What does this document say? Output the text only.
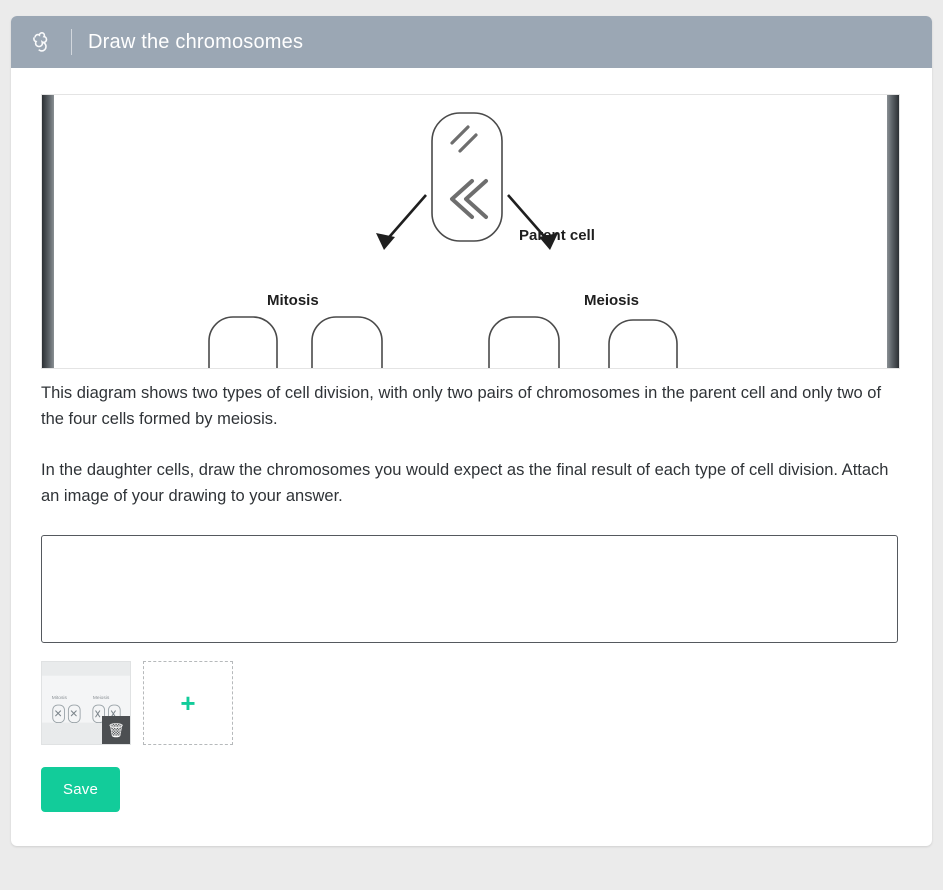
Draw the chromosomes
Parent cell
Mitosis	Meiosis

This diagram shows two types of cell division, with only two pairs of chromosomes in the parent cell and only two of the four cells formed by meiosis.

In the daughter cells, draw the chromosomes you would expect as the final result of each type of cell division. Attach an image of your drawing to your answer.

Mitosis	Meiosis
🗑
+
Save
